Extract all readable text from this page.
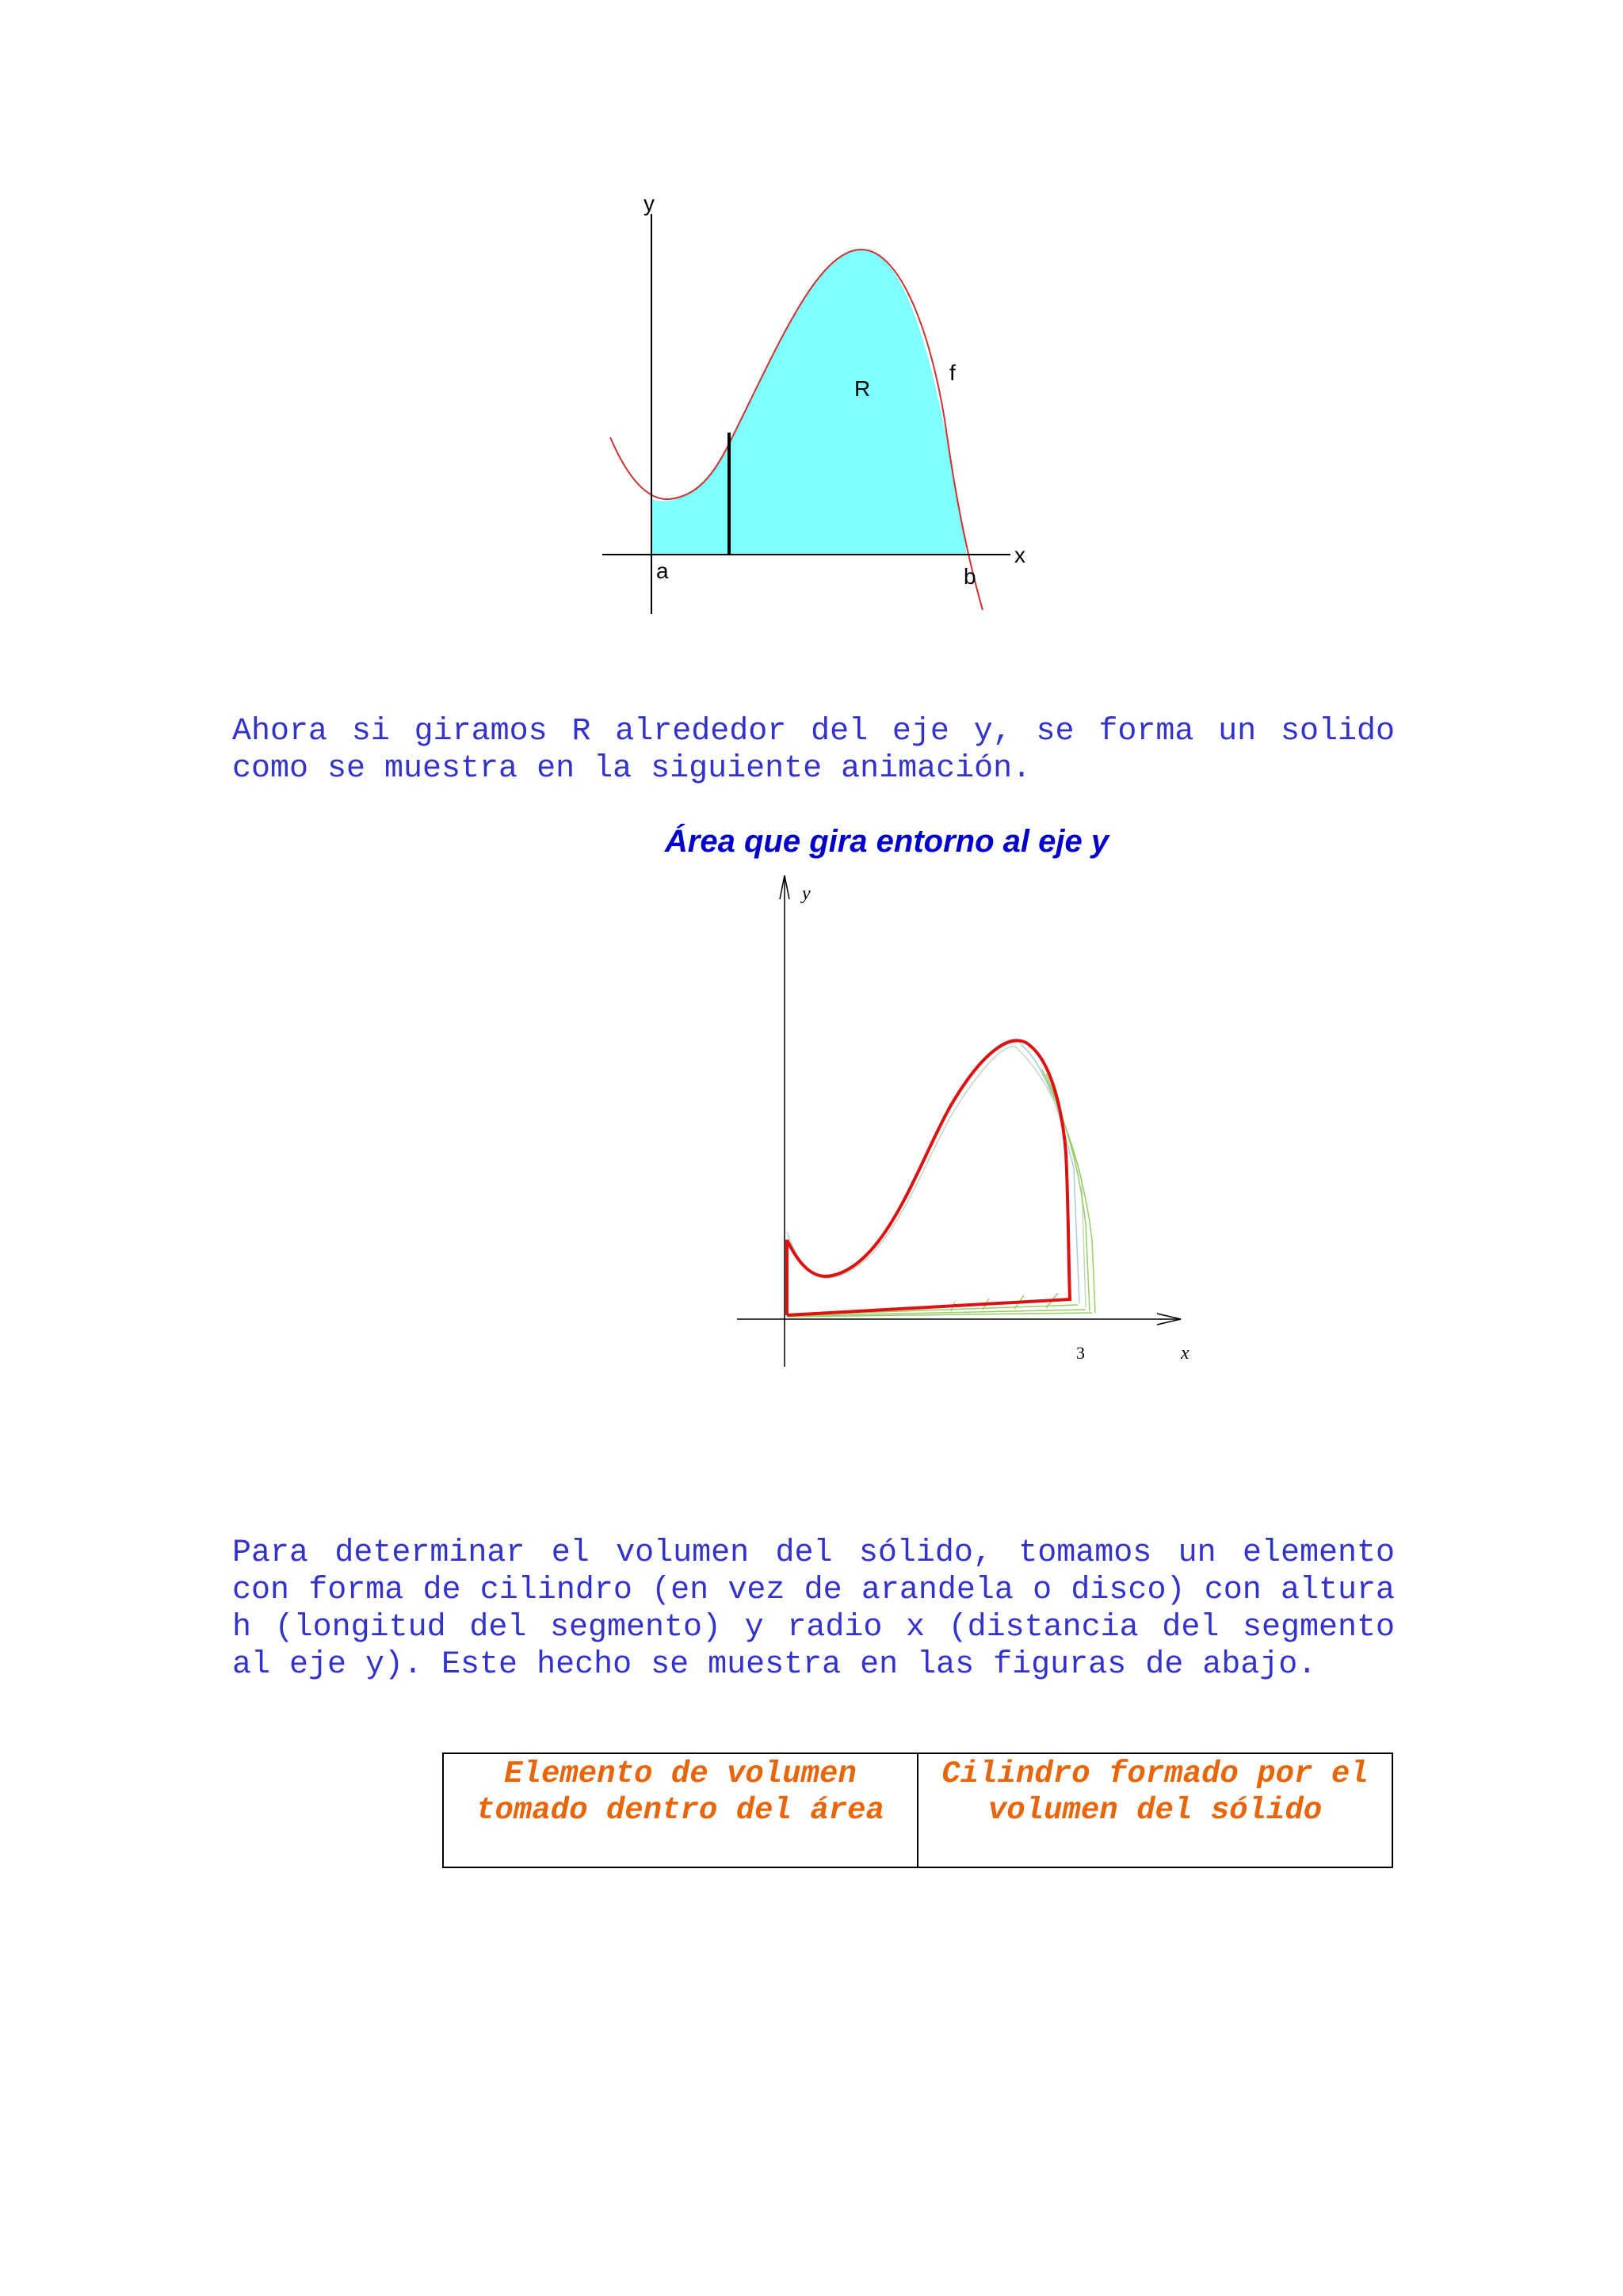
y
x
R
f
a	b

Ahora si giramos R alrededor del eje y, se forma un solido como se muestra en la siguiente animación.

Área que gira entorno al eje y
y
x
3

Para determinar el volumen del sólido, tomamos un elemento con forma de cilindro (en vez de arandela o disco) con altura h (longitud del segmento) y radio x (distancia del segmento al eje y). Este hecho se muestra en las figuras de abajo.

Elemento de volumen tomado dentro del área	Cilindro formado por el volumen del sólido
